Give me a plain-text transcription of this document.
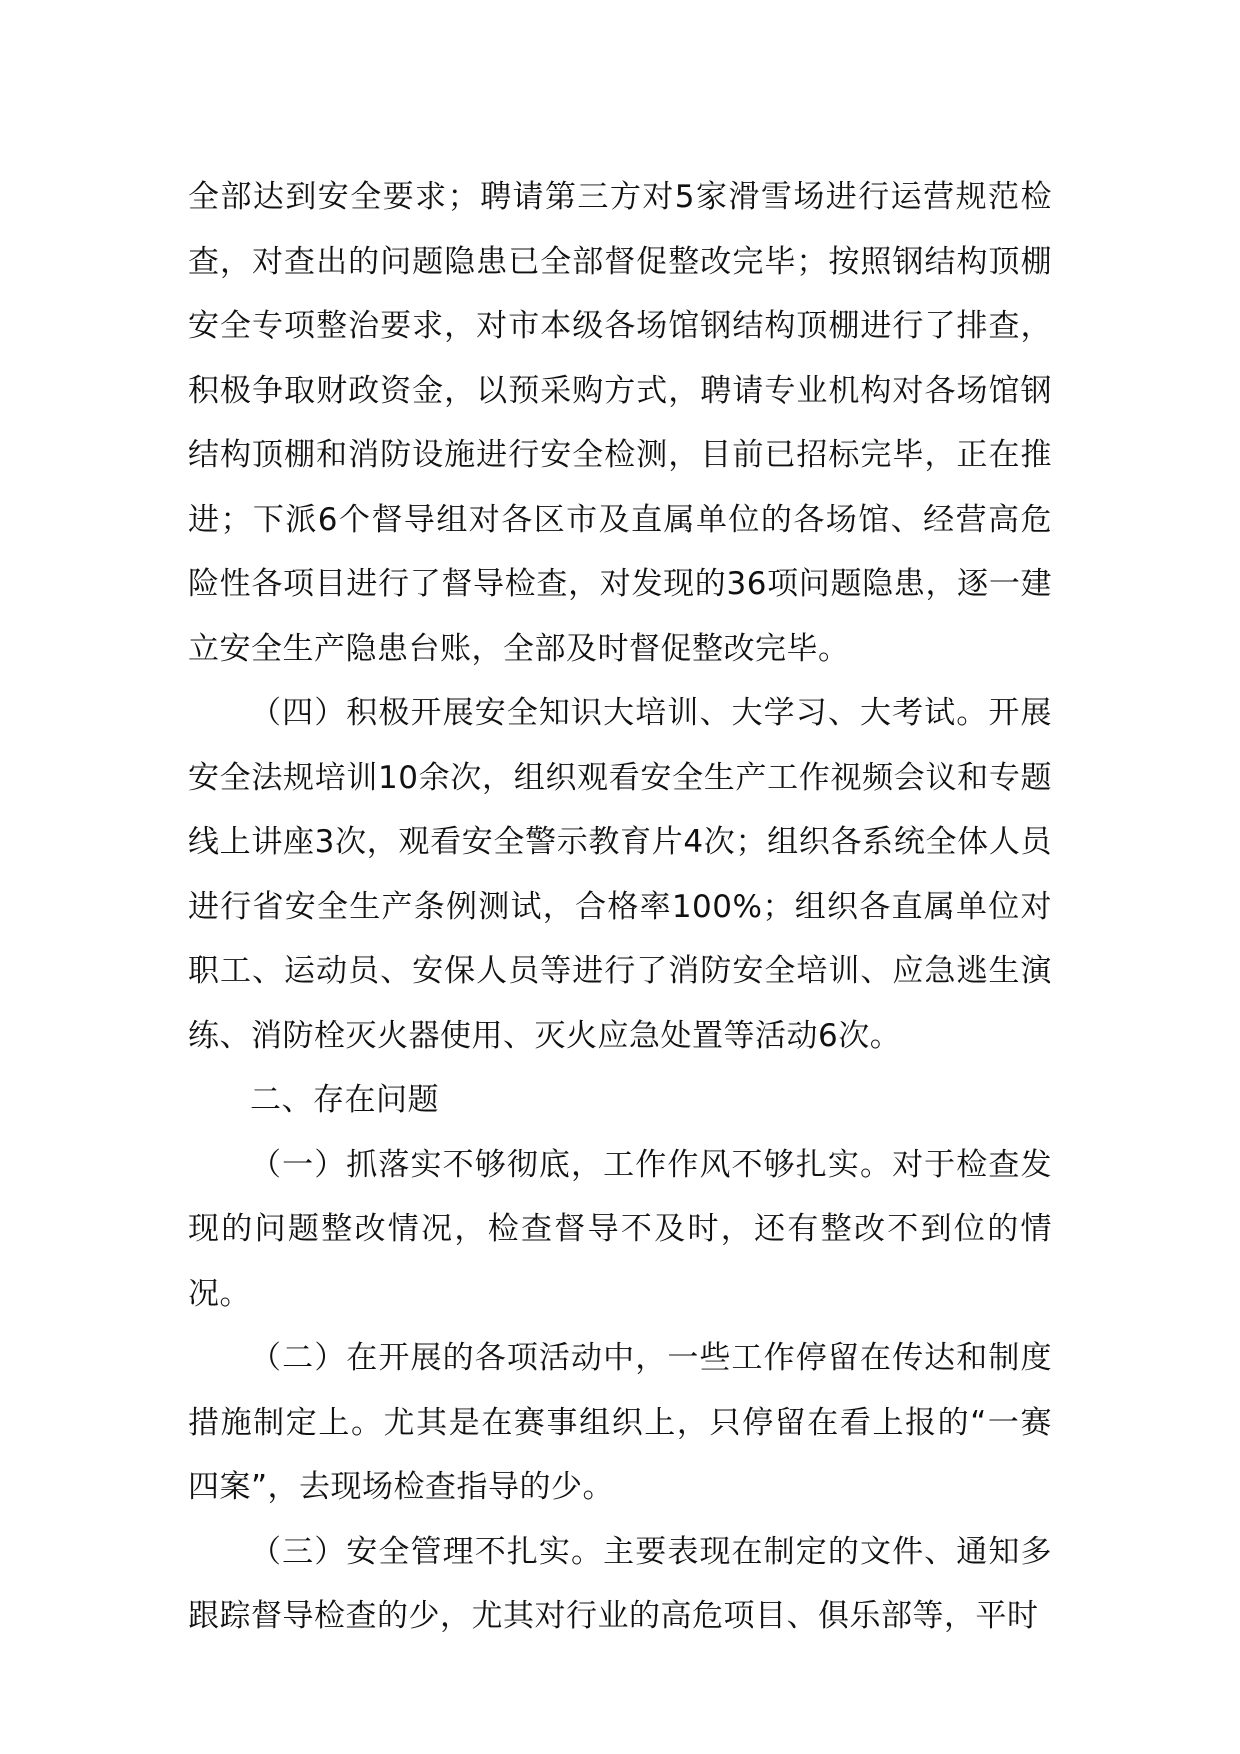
全部达到安全要求；聘请第三方对5家滑雪场进行运营规范检查，对查出的问题隐患已全部督促整改完毕；按照钢结构顶棚安全专项整治要求，对市本级各场馆钢结构顶棚进行了排查，积极争取财政资金，以预采购方式，聘请专业机构对各场馆钢结构顶棚和消防设施进行安全检测，目前已招标完毕，正在推进；下派6个督导组对各区市及直属单位的各场馆、经营高危险性各项目进行了督导检查，对发现的36项问题隐患，逐一建立安全生产隐患台账，全部及时督促整改完毕。

（四）积极开展安全知识大培训、大学习、大考试。开展安全法规培训10余次，组织观看安全生产工作视频会议和专题线上讲座3次，观看安全警示教育片4次；组织各系统全体人员进行省安全生产条例测试，合格率100%；组织各直属单位对职工、运动员、安保人员等进行了消防安全培训、应急逃生演练、消防栓灭火器使用、灭火应急处置等活动6次。

二、存在问题

（一）抓落实不够彻底，工作作风不够扎实。对于检查发现的问题整改情况，检查督导不及时，还有整改不到位的情况。

（二）在开展的各项活动中，一些工作停留在传达和制度措施制定上。尤其是在赛事组织上，只停留在看上报的“一赛四案”，去现场检查指导的少。

（三）安全管理不扎实。主要表现在制定的文件、通知多跟踪督导检查的少，尤其对行业的高危项目、俱乐部等，平时
